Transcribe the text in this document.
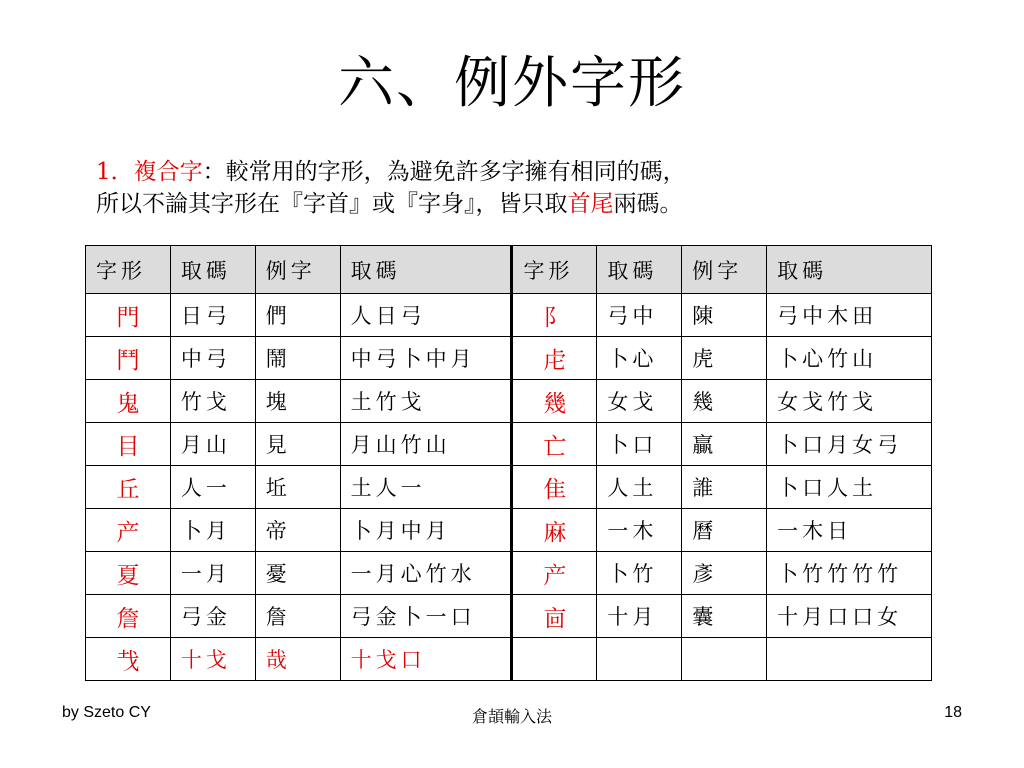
六、例外字形
1．複合字：較常用的字形，為避免許多字擁有相同的碼，
所以不論其字形在『字首』或『字身』，皆只取首尾兩碼。
字形	取碼	例字	取碼	字形	取碼	例字	取碼
門	日弓	們	人日弓	阝	弓中	陳	弓中木田
鬥	中弓	鬧	中弓卜中月	虍	卜心	虎	卜心竹山
鬼	竹戈	塊	土竹戈	幾	女戈	幾	女戈竹戈
目	月山	見	月山竹山	亡	卜口	贏	卜口月女弓
丘	人一	坵	土人一	隹	人土	誰	卜口人土
产	卜月	帝	卜月中月	麻	一木	曆	一木日
夏	一月	憂	一月心竹水	产	卜竹	彥	卜竹竹竹竹
詹	弓金	詹	弓金卜一口	㐭	十月	囊	十月口口女
𢦏	十戈	哉	十戈口				
by Szeto CY	倉頡輸入法	18
